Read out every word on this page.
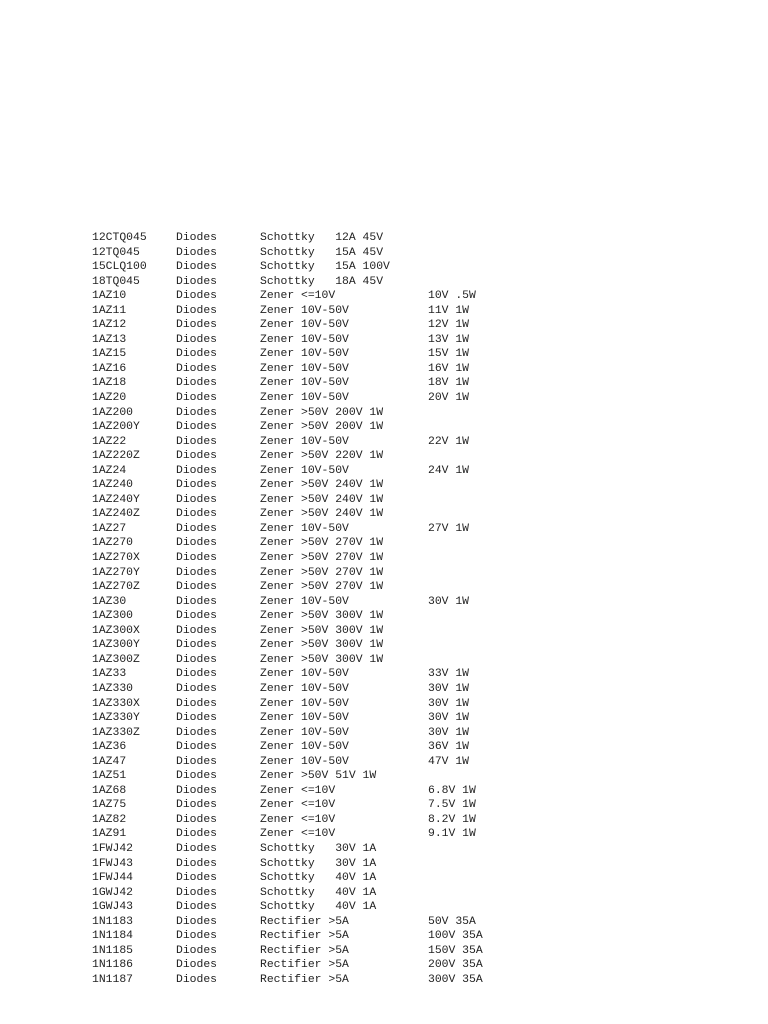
12CTQ045	Diodes	Schottky   12A 45V
12TQ045	Diodes	Schottky   15A 45V
15CLQ100	Diodes	Schottky   15A 100V
18TQ045	Diodes	Schottky   18A 45V
1AZ10	Diodes	Zener <=10V	10V .5W
1AZ11	Diodes	Zener 10V-50V	11V 1W
1AZ12	Diodes	Zener 10V-50V	12V 1W
1AZ13	Diodes	Zener 10V-50V	13V 1W
1AZ15	Diodes	Zener 10V-50V	15V 1W
1AZ16	Diodes	Zener 10V-50V	16V 1W
1AZ18	Diodes	Zener 10V-50V	18V 1W
1AZ20	Diodes	Zener 10V-50V	20V 1W
1AZ200	Diodes	Zener >50V 200V 1W
1AZ200Y	Diodes	Zener >50V 200V 1W
1AZ22	Diodes	Zener 10V-50V	22V 1W
1AZ220Z	Diodes	Zener >50V 220V 1W
1AZ24	Diodes	Zener 10V-50V	24V 1W
1AZ240	Diodes	Zener >50V 240V 1W
1AZ240Y	Diodes	Zener >50V 240V 1W
1AZ240Z	Diodes	Zener >50V 240V 1W
1AZ27	Diodes	Zener 10V-50V	27V 1W
1AZ270	Diodes	Zener >50V 270V 1W
1AZ270X	Diodes	Zener >50V 270V 1W
1AZ270Y	Diodes	Zener >50V 270V 1W
1AZ270Z	Diodes	Zener >50V 270V 1W
1AZ30	Diodes	Zener 10V-50V	30V 1W
1AZ300	Diodes	Zener >50V 300V 1W
1AZ300X	Diodes	Zener >50V 300V 1W
1AZ300Y	Diodes	Zener >50V 300V 1W
1AZ300Z	Diodes	Zener >50V 300V 1W
1AZ33	Diodes	Zener 10V-50V	33V 1W
1AZ330	Diodes	Zener 10V-50V	30V 1W
1AZ330X	Diodes	Zener 10V-50V	30V 1W
1AZ330Y	Diodes	Zener 10V-50V	30V 1W
1AZ330Z	Diodes	Zener 10V-50V	30V 1W
1AZ36	Diodes	Zener 10V-50V	36V 1W
1AZ47	Diodes	Zener 10V-50V	47V 1W
1AZ51	Diodes	Zener >50V 51V 1W
1AZ68	Diodes	Zener <=10V	6.8V 1W
1AZ75	Diodes	Zener <=10V	7.5V 1W
1AZ82	Diodes	Zener <=10V	8.2V 1W
1AZ91	Diodes	Zener <=10V	9.1V 1W
1FWJ42	Diodes	Schottky   30V 1A
1FWJ43	Diodes	Schottky   30V 1A
1FWJ44	Diodes	Schottky   40V 1A
1GWJ42	Diodes	Schottky   40V 1A
1GWJ43	Diodes	Schottky   40V 1A
1N1183	Diodes	Rectifier >5A	50V 35A
1N1184	Diodes	Rectifier >5A	100V 35A
1N1185	Diodes	Rectifier >5A	150V 35A
1N1186	Diodes	Rectifier >5A	200V 35A
1N1187	Diodes	Rectifier >5A	300V 35A
